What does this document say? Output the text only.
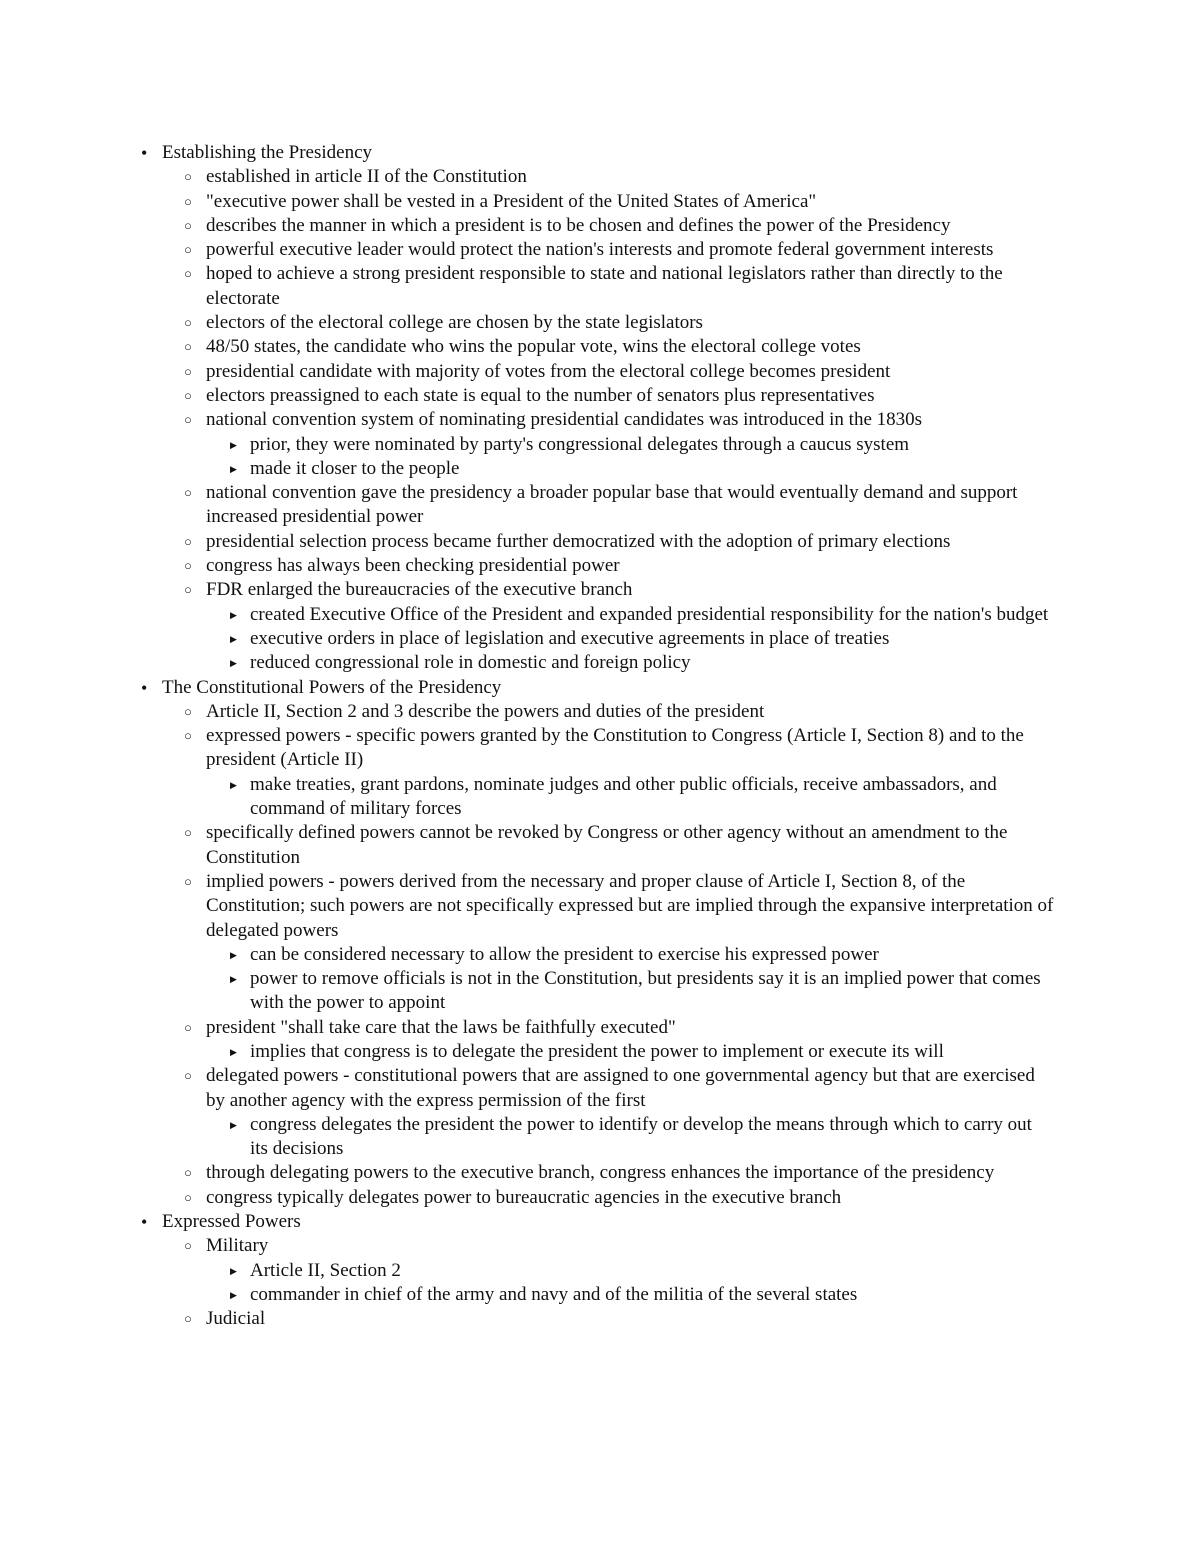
• Establishing the Presidency
○ established in article II of the Constitution
○ "executive power shall be vested in a President of the United States of America"
○ describes the manner in which a president is to be chosen and defines the power of the Presidency
○ powerful executive leader would protect the nation's interests and promote federal government interests
○ hoped to achieve a strong president responsible to state and national legislators rather than directly to the electorate
○ electors of the electoral college are chosen by the state legislators
○ 48/50 states, the candidate who wins the popular vote, wins the electoral college votes
○ presidential candidate with majority of votes from the electoral college becomes president
○ electors preassigned to each state is equal to the number of senators plus representatives
○ national convention system of nominating presidential candidates was introduced in the 1830s
▶ prior, they were nominated by party's congressional delegates through a caucus system
▶ made it closer to the people
○ national convention gave the presidency a broader popular base that would eventually demand and support increased presidential power
○ presidential selection process became further democratized with the adoption of primary elections
○ congress has always been checking presidential power
○ FDR enlarged the bureaucracies of the executive branch
▶ created Executive Office of the President and expanded presidential responsibility for the nation's budget
▶ executive orders in place of legislation and executive agreements in place of treaties
▶ reduced congressional role in domestic and foreign policy
• The Constitutional Powers of the Presidency
○ Article II, Section 2 and 3 describe the powers and duties of the president
○ expressed powers - specific powers granted by the Constitution to Congress (Article I, Section 8) and to the president (Article II)
▶ make treaties, grant pardons, nominate judges and other public officials, receive ambassadors, and command of military forces
○ specifically defined powers cannot be revoked by Congress or other agency without an amendment to the Constitution
○ implied powers - powers derived from the necessary and proper clause of Article I, Section 8, of the Constitution; such powers are not specifically expressed but are implied through the expansive interpretation of delegated powers
▶ can be considered necessary to allow the president to exercise his expressed power
▶ power to remove officials is not in the Constitution, but presidents say it is an implied power that comes with the power to appoint
○ president "shall take care that the laws be faithfully executed"
▶ implies that congress is to delegate the president the power to implement or execute its will
○ delegated powers - constitutional powers that are assigned to one governmental agency but that are exercised by another agency with the express permission of the first
▶ congress delegates the president the power to identify or develop the means through which to carry out its decisions
○ through delegating powers to the executive branch, congress enhances the importance of the presidency
○ congress typically delegates power to bureaucratic agencies in the executive branch
• Expressed Powers
○ Military
▶ Article II, Section 2
▶ commander in chief of the army and navy and of the militia of the several states
○ Judicial
